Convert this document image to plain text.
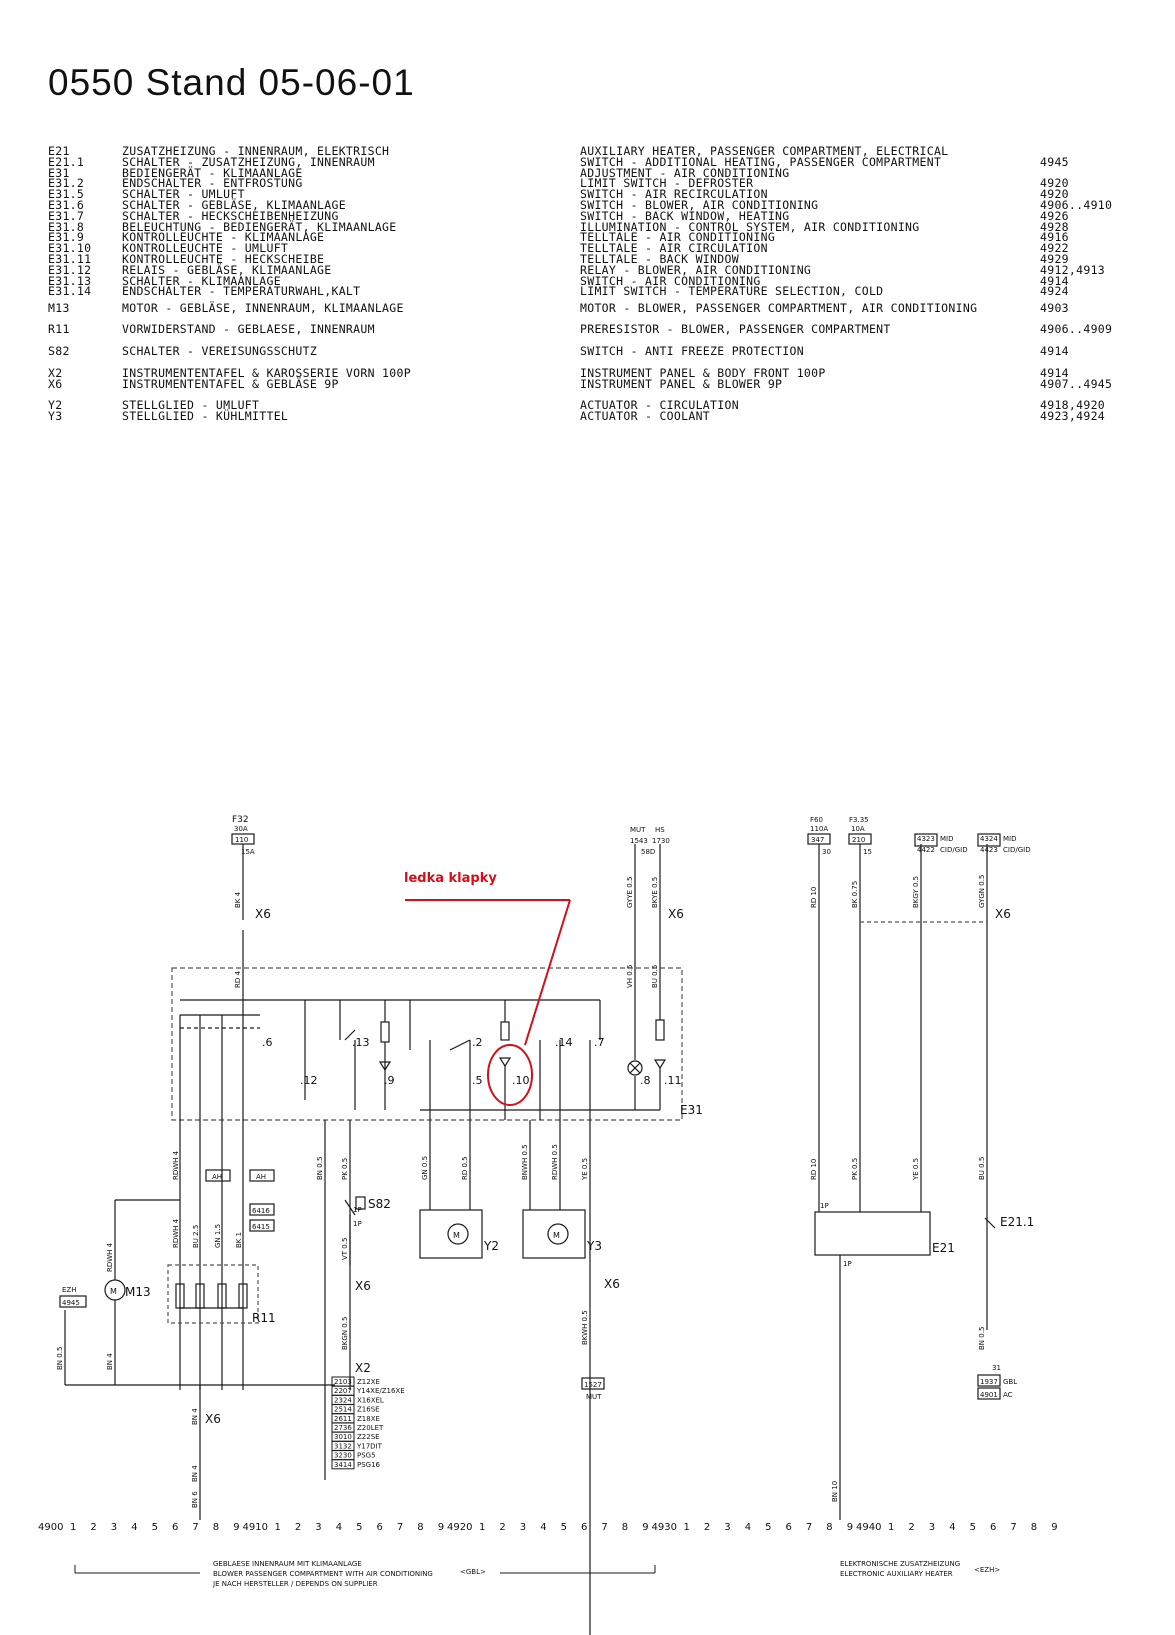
0550 Stand 05-06-01
E21	ZUSATZHEIZUNG - INNENRAUM, ELEKTRISCH	AUXILIARY HEATER, PASSENGER COMPARTMENT, ELECTRICAL
E21.1	SCHALTER - ZUSATZHEIZUNG, INNENRAUM	SWITCH - ADDITIONAL HEATING, PASSENGER COMPARTMENT	4945
E31	BEDIENGERÄT - KLIMAANLAGE	ADJUSTMENT - AIR CONDITIONING
E31.2	ENDSCHALTER - ENTFROSTUNG	LIMIT SWITCH - DEFROSTER	4920
E31.5	SCHALTER - UMLUFT	SWITCH - AIR RECIRCULATION	4920
E31.6	SCHALTER - GEBLÄSE, KLIMAANLAGE	SWITCH - BLOWER, AIR CONDITIONING	4906..4910
E31.7	SCHALTER - HECKSCHEIBENHEIZUNG	SWITCH - BACK WINDOW, HEATING	4926
E31.8	BELEUCHTUNG - BEDIENGERÄT, KLIMAANLAGE	ILLUMINATION - CONTROL SYSTEM, AIR CONDITIONING	4928
E31.9	KONTROLLEUCHTE - KLIMAANLAGE	TELLTALE - AIR CONDITIONING	4916
E31.10	KONTROLLEUCHTE - UMLUFT	TELLTALE - AIR CIRCULATION	4922
E31.11	KONTROLLEUCHTE - HECKSCHEIBE	TELLTALE - BACK WINDOW	4929
E31.12	RELAIS - GEBLÄSE, KLIMAANLAGE	RELAY - BLOWER, AIR CONDITIONING	4912,4913
E31.13	SCHALTER - KLIMAANLAGE	SWITCH - AIR CONDITIONING	4914
E31.14	ENDSCHALTER - TEMPERATURWAHL,KALT	LIMIT SWITCH - TEMPERATURE SELECTION, COLD	4924
M13	MOTOR - GEBLÄSE, INNENRAUM, KLIMAANLAGE	MOTOR - BLOWER, PASSENGER COMPARTMENT, AIR CONDITIONING	4903
R11	VORWIDERSTAND - GEBLAESE, INNENRAUM	PRERESISTOR - BLOWER, PASSENGER COMPARTMENT	4906..4909
S82	SCHALTER - VEREISUNGSSCHUTZ	SWITCH - ANTI FREEZE PROTECTION	4914
X2	INSTRUMENTENTAFEL & KAROSSERIE VORN 100P	INSTRUMENT PANEL & BODY FRONT 100P	4914
X6	INSTRUMENTENTAFEL & GEBLÄSE 9P	INSTRUMENT PANEL & BLOWER 9P	4907..4945
Y2	STELLGLIED - UMLUFT	ACTUATOR - CIRCULATION	4918,4920
Y3	STELLGLIED - KÜHLMITTEL	ACTUATOR - COOLANT	4923,4924
ledka klapky
F32
30A
110
15A
X6
E31
M13
M
EZH
4945
R11
AH	AH
6416
6415
S82
X6
X2
Y2
M
Y3
M
X6
1527
MUT
MUT HS
1543 1730
58D
X6
F60
110A
347
30
F3.35
10A
210
15
4323 MID
4422 CID/GID
4324 MID
4423 CID/GID
X6
E21
E21.1
1937 GBL
4901 AC
31
1P
1P
1P
1P
X6
BK 4
RD 4
GYYE 0.5 BKYE 0.5
VH 0.5 BU 0.5
RDWH 4
RDWH 4
RDWH 4 BU 2.5 GN 1.5 BK 1
BN 0.5 PK 0.5
VT 0.5
BKGN 0.5
GN 0.5	RD 0.5	BNWH 0.5	RDWH 0.5	YE 0.5
BKWH 0.5
BN 0.5	BN 4
BN 4
BN 4
BN 6
RD 10	BK 0.75	BKGY 0.5	GYGN 0.5
RD 10	PK 0.5	YE 0.5	BU 0.5
BN 0.5
BN 10
.6
.12
.13
.9
.2
.5	.10
.14 .7
.8 .11
2103 Z12XE
2207 Y14XE/Z16XE
2324 X16XEL
2514 Z16SE
2611 Z18XE
2736 Z20LET
3010 Z22SE
3132 Y17DIT
3230 PSG5
3414 PSG16
4900 1 2 3 4 5 6 7 8 9 4910 1 2 3 4 5 6 7 8 9 4920 1 2 3 4 5 6 7 8 9 4930 1 2 3 4 5 6 7 8 9 4940 1 2 3 4 5 6 7 8 9
GEBLAESE INNENRAUM MIT KLIMAANLAGE
BLOWER PASSENGER COMPARTMENT WITH AIR CONDITIONING
JE NACH HERSTELLER / DEPENDS ON SUPPLIER
<GBL>
ELEKTRONISCHE ZUSATZHEIZUNG
ELECTRONIC AUXILIARY HEATER	<EZH>
